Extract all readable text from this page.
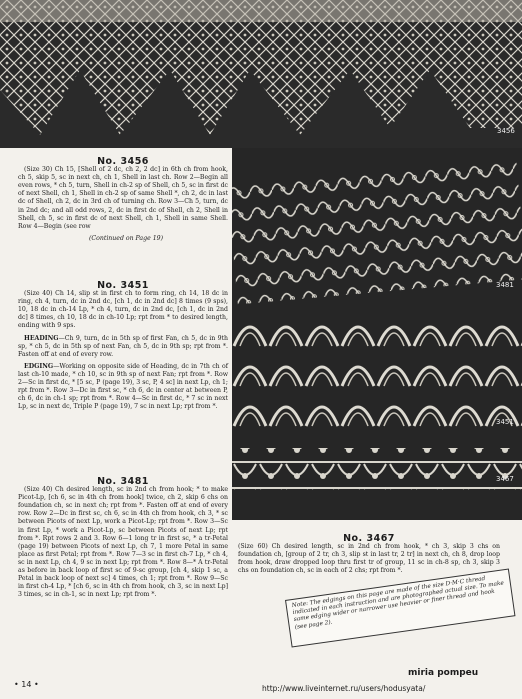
3456
3481
3451
3467
No. 3456

(Size 30) Ch 15, [Shell of 2 dc, ch 2, 2 dc] in 6th ch from hook, ch 5, skip 5, sc in next ch, ch 1, Shell in last ch. Row 2—Begin all even rows, * ch 5, turn, Shell in ch-2 sp of Shell, ch 5, sc in first dc of next Shell, ch 1, Shell in ch-2 sp of same Shell *, ch 2, dc in last dc of Shell, ch 2, dc in 3rd ch of turning ch. Row 3—Ch 5, turn, dc in 2nd dc; and all odd rows, 2, dc in first dc of Shell, ch 2, Shell in Shell, ch 5, sc in first dc of next Shell, ch 1, Shell in same Shell. Row 4—Begin (see row

(Continued on Page 19)

No. 3451

(Size 40) Ch 14, slip st in first ch to form ring, ch 14, 18 dc in ring, ch 4, turn, dc in 2nd dc, [ch 1, dc in 2nd dc] 8 times (9 sps), 10, 18 dc in ch-14 Lp, * ch 4, turn, dc in 2nd dc, [ch 1, dc in 2nd dc] 8 times, ch 10, 18 dc in ch-10 Lp; rpt from * to desired length, ending with 9 sps.

HEADING—Ch 9, turn, dc in 5th sp of first Fan, ch 5, dc in 9th sp, * ch 5, dc in 5th sp of next Fan, ch 5, dc in 9th sp; rpt from *. Fasten off at end of every row.

EDGING—Working on opposite side of Heading, dc in 7th ch of last ch-10 made, * ch 10, sc in 9th sp of next Fan; rpt from *. Row 2—Sc in first dc, * [5 sc, P (page 19), 3 sc, P, 4 sc] in next Lp, ch 1; rpt from *. Row 3—Dc in first sc, * ch 6, dc in center at between P, ch 6, dc in ch-1 sp; rpt from *. Row 4—Sc in first dc, * 7 sc in next Lp, sc in next dc, Triple P (page 19), 7 sc in next Lp; rpt from *.

No. 3481

(Size 40) Ch desired length, sc in 2nd ch from hook; * to make Picot-Lp, [ch 6, sc in 4th ch from hook] twice, ch 2, skip 6 chs on foundation ch, sc in next ch; rpt from *. Fasten off at end of every row. Row 2—Dc in first sc, ch 6, sc in 4th ch from hook, ch 3, * sc between Picots of next Lp, work a Picot-Lp; rpt from *. Row 3—Sc in first Lp, * work a Picot-Lp, sc between Picots of next Lp; rpt from *. Rpt rows 2 and 3. Row 6—1 long tr in first sc, * a tr-Petal (page 19) between Picots of next Lp, ch 7, 1 more Petal in same place as first Petal; rpt from *. Row 7—3 sc in first ch-7 Lp, * ch 4, sc in next Lp, ch 4, 9 sc in next Lp; rpt from *. Row 8—* A tr-Petal as before in back loop of first sc of 9-sc group, [ch 4, skip 1 sc, a Petal in back loop of next sc] 4 times, ch 1; rpt from *. Row 9—Sc in first ch-4 Lp, * [ch 6, sc in 4th ch from hook, ch 3, sc in next Lp] 3 times, sc in ch-1, sc in next Lp; rpt from *.

No. 3467

(Size 60) Ch desired length, sc in 2nd ch from hook, * ch 3, skip 3 chs on foundation ch, [group of 2 tr, ch 3, slip st in last tr, 2 tr] in next ch, ch 8, drop loop from hook, draw dropped loop thru first tr of group, 11 sc in ch-8 sp, ch 3, skip 3 chs on foundation ch, sc in each of 2 chs; rpt from *.

Note: The edgings on this page are made of the size D·M·C thread indicated in each instruction and are photographed actual size. To make same edging wider or narrower use heavier or finer thread and hook (see page 2).
• 14 •
miria pompeu
http://www.liveinternet.ru/users/hodusyata/
